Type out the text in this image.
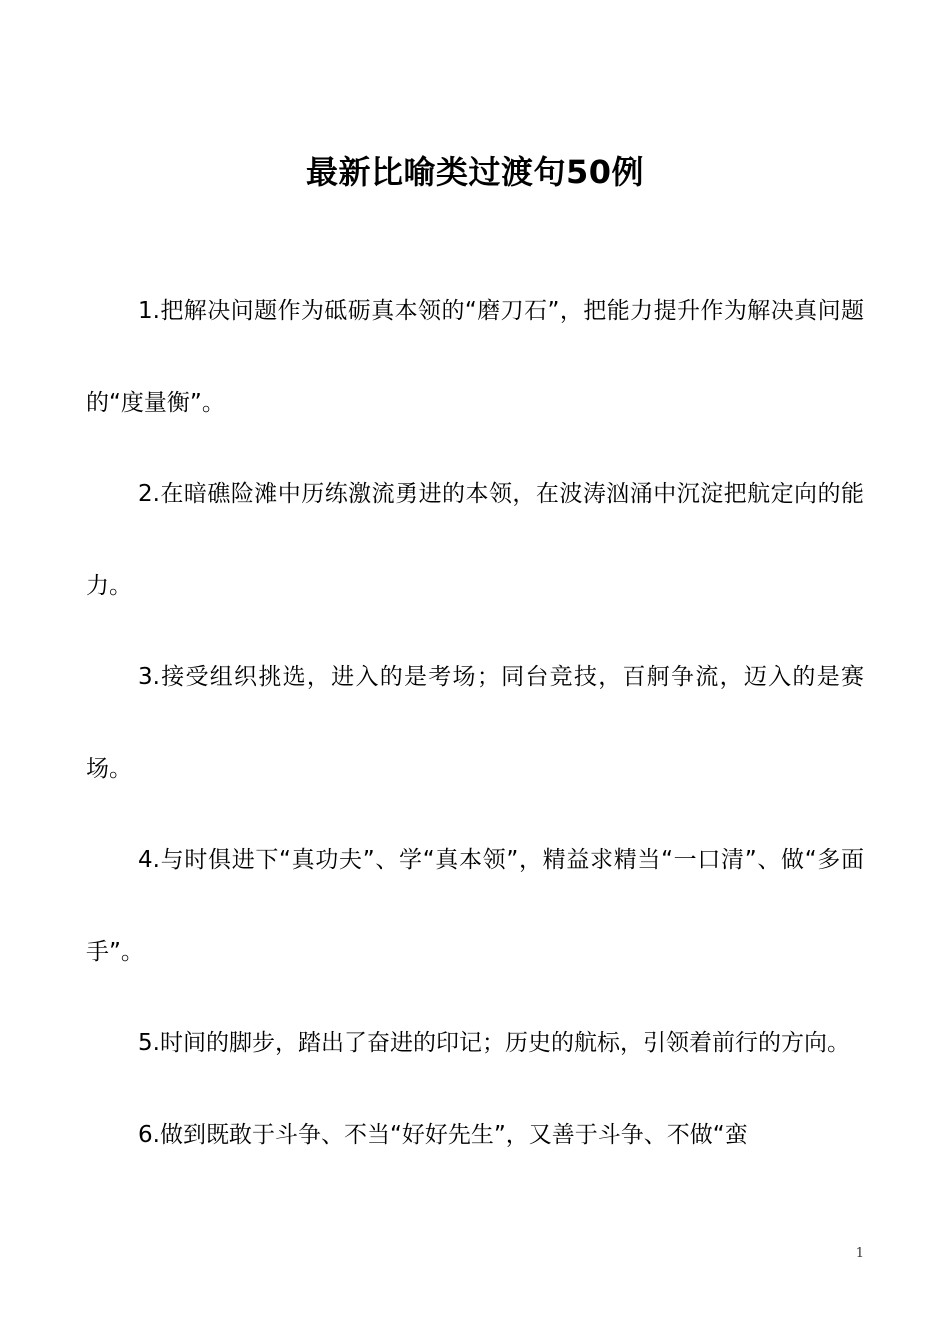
最新比喻类过渡句50例

1.把解决问题作为砥砺真本领的“磨刀石”，把能力提升作为解决真问题的“度量衡”。

2.在暗礁险滩中历练激流勇进的本领，在波涛汹涌中沉淀把航定向的能力。

3.接受组织挑选，进入的是考场；同台竞技，百舸争流，迈入的是赛场。

4.与时俱进下“真功夫”、学“真本领”，精益求精当“一口清”、做“多面手”。

5.时间的脚步，踏出了奋进的印记；历史的航标，引领着前行的方向。

6.做到既敢于斗争、不当“好好先生”，又善于斗争、不做“蛮

1
